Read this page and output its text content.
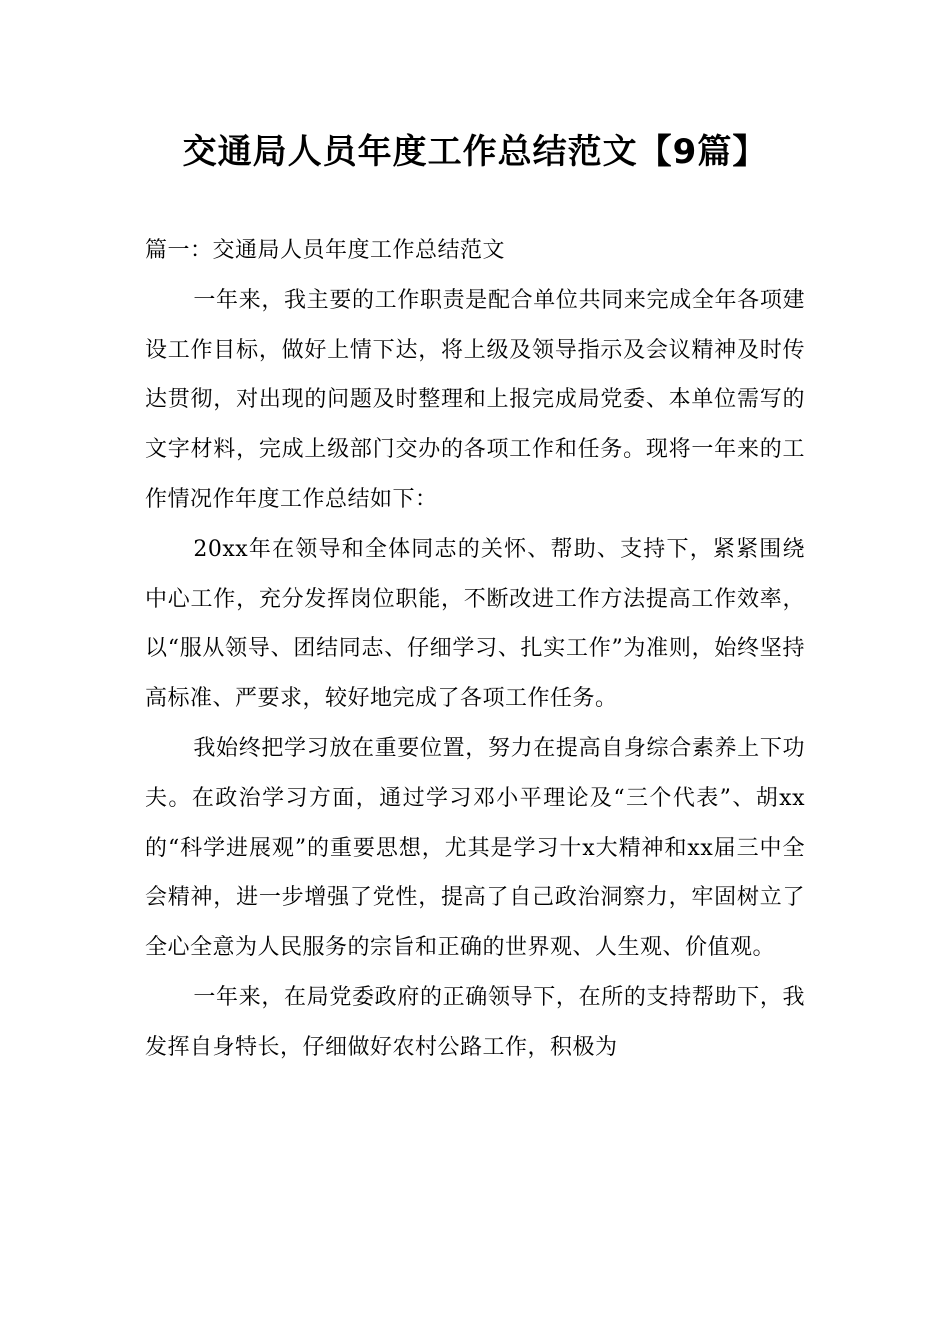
交通局人员年度工作总结范文【9篇】

篇一：交通局人员年度工作总结范文

一年来，我主要的工作职责是配合单位共同来完成全年各项建设工作目标，做好上情下达，将上级及领导指示及会议精神及时传达贯彻，对出现的问题及时整理和上报完成局党委、本单位需写的文字材料，完成上级部门交办的各项工作和任务。现将一年来的工作情况作年度工作总结如下：

20xx年在领导和全体同志的关怀、帮助、支持下，紧紧围绕中心工作，充分发挥岗位职能，不断改进工作方法提高工作效率，以“服从领导、团结同志、仔细学习、扎实工作”为准则，始终坚持高标准、严要求，较好地完成了各项工作任务。

我始终把学习放在重要位置，努力在提高自身综合素养上下功夫。在政治学习方面，通过学习邓小平理论及“三个代表”、胡xx的“科学进展观”的重要思想，尤其是学习十x大精神和xx届三中全会精神，进一步增强了党性，提高了自己政治洞察力，牢固树立了全心全意为人民服务的宗旨和正确的世界观、人生观、价值观。

一年来，在局党委政府的正确领导下，在所的支持帮助下，我发挥自身特长，仔细做好农村公路工作，积极为
